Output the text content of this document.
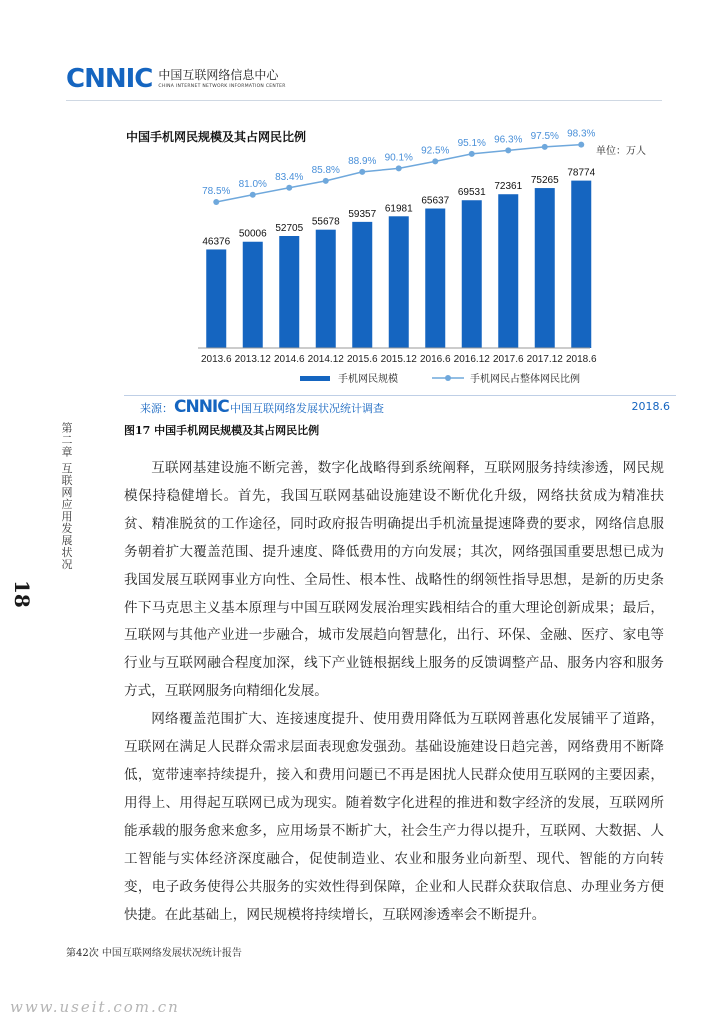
CNNIC 中国互联网络信息中心
CHINA INTERNET NETWORK INFORMATION CENTER
中国手机网民规模及其占网民比例
单位：万人
46376
50006
52705
55678
59357
61981
65637
69531
72361
75265
78774
78.5%
81.0%
83.4%
85.8%
88.9% 90.1%
92.5%
95.1% 96.3% 97.5% 98.3%
2013.6 2013.12 2014.6 2014.12 2015.6 2015.12 2016.6 2016.12 2017.6 2017.12 2018.6
手机网民规模	手机网民占整体网民比例
来源： CNNIC 中国互联网络发展状况统计调查	2018.6
图17 中国手机网民规模及其占网民比例

互联网基建设施不断完善，数字化战略得到系统阐释，互联网服务持续渗透，网民规模保持稳健增长。首先，我国互联网基础设施建设不断优化升级，网络扶贫成为精准扶贫、精准脱贫的工作途径，同时政府报告明确提出手机流量提速降费的要求，网络信息服务朝着扩大覆盖范围、提升速度、降低费用的方向发展；其次，网络强国重要思想已成为我国发展互联网事业方向性、全局性、根本性、战略性的纲领性指导思想，是新的历史条件下马克思主义基本原理与中国互联网发展治理实践相结合的重大理论创新成果；最后，互联网与其他产业进一步融合，城市发展趋向智慧化，出行、环保、金融、医疗、家电等行业与互联网融合程度加深，线下产业链根据线上服务的反馈调整产品、服务内容和服务方式，互联网服务向精细化发展。

网络覆盖范围扩大、连接速度提升、使用费用降低为互联网普惠化发展铺平了道路，互联网在满足人民群众需求层面表现愈发强劲。基础设施建设日趋完善，网络费用不断降低，宽带速率持续提升，接入和费用问题已不再是困扰人民群众使用互联网的主要因素，用得上、用得起互联网已成为现实。随着数字化进程的推进和数字经济的发展，互联网所能承载的服务愈来愈多，应用场景不断扩大，社会生产力得以提升，互联网、大数据、人工智能与实体经济深度融合，促使制造业、农业和服务业向新型、现代、智能的方向转变，电子政务使得公共服务的实效性得到保障，企业和人民群众获取信息、办理业务方便快捷。在此基础上，网民规模将持续增长，互联网渗透率会不断提升。

18
第二章 互联网应用发展状况
第42次 中国互联网络发展状况统计报告
www.useit.com.cn
